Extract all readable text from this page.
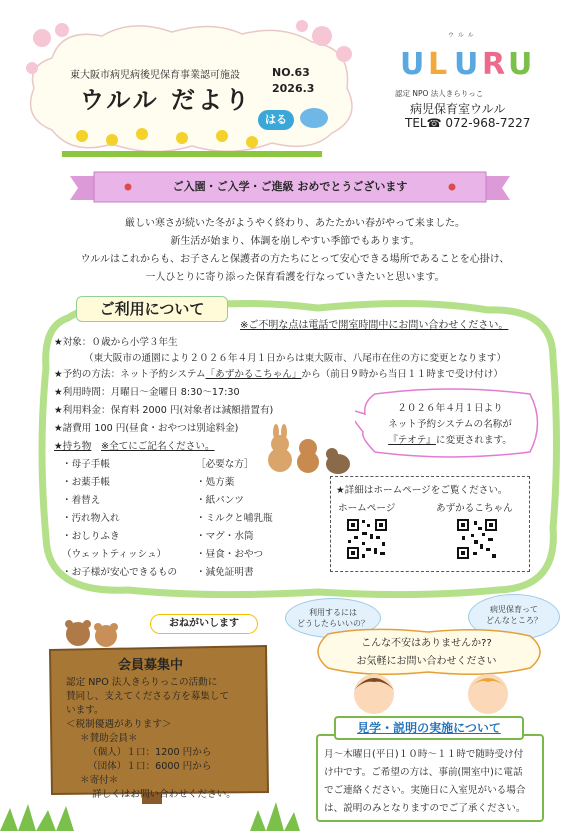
東大阪市病児病後児保育事業認可施設
ウルル だより
NO.63
2026.3
はる
U L U R U
ウルル
認定 NPO 法人きらりっこ
病児保育室ウルル
TEL☎ 072-968-7227
ご入園・ご入学・ご進級 おめでとうございます
厳しい寒さが続いた冬がようやく終わり、あたたかい春がやって来ました。
新生活が始まり、体調を崩しやすい季節でもあります。
ウルルはこれからも、お子さんと保護者の方たちにとって安心できる場所であることを心掛け、
一人ひとりに寄り添った保育看護を行なっていきたいと思います。
ご利用について
※ご不明な点は電話で開室時間中にお問い合わせください。
★対象：０歳から小学３年生
（東大阪市の通園により２０２６年４月１日からは東大阪市、八尾市在住の方に変更となります）
★予約の方法：ネット予約システム「あずかるこちゃん」から（前日９時から当日１１時まで受け付け）
★利用時間：月曜日～金曜日 8:30～17:30
★利用料金：保育料 2000 円(対象者は減額措置有)
★諸費用 100 円(昼食・おやつは別途料金)
★持ち物　 ※全てにご記名ください。
・母子手帳
・お薬手帳
・着替え
・汚れ物入れ
・おしりふき
（ウェットティッシュ）
・お子様が安心できるもの
［必要な方］
・処方薬
・紙パンツ
・ミルクと哺乳瓶
・マグ・水筒
・昼食・おやつ
・減免証明書
２０２６年４月１日より
ネット予約システムの名称が
『テオテ』に変更されます。
★詳細はホームページをご覧ください。
ホームページ	あずかるこちゃん
おねがいします
会員募集中
認定 NPO 法人きらりっこの活動に
賛同し、支えてくださる方を募集して
います。
＜税制優遇があります＞
＊賛助会員＊
（個人）１口：1200 円から
（団体）１口：6000 円から
＊寄付＊
詳しくはお問い合わせください。
利用するには
どうしたらいいの？
病児保育って
どんなところ？
こんな不安はありませんか??
お気軽にお問い合わせください
見学・説明の実施について
月～木曜日(平日)１０時～１１時で随時受け付
け中です。ご希望の方は、事前(開室中)に電話
でご連絡ください。実施日に入室児がいる場合
は、説明のみとなりますのでご了承ください。
